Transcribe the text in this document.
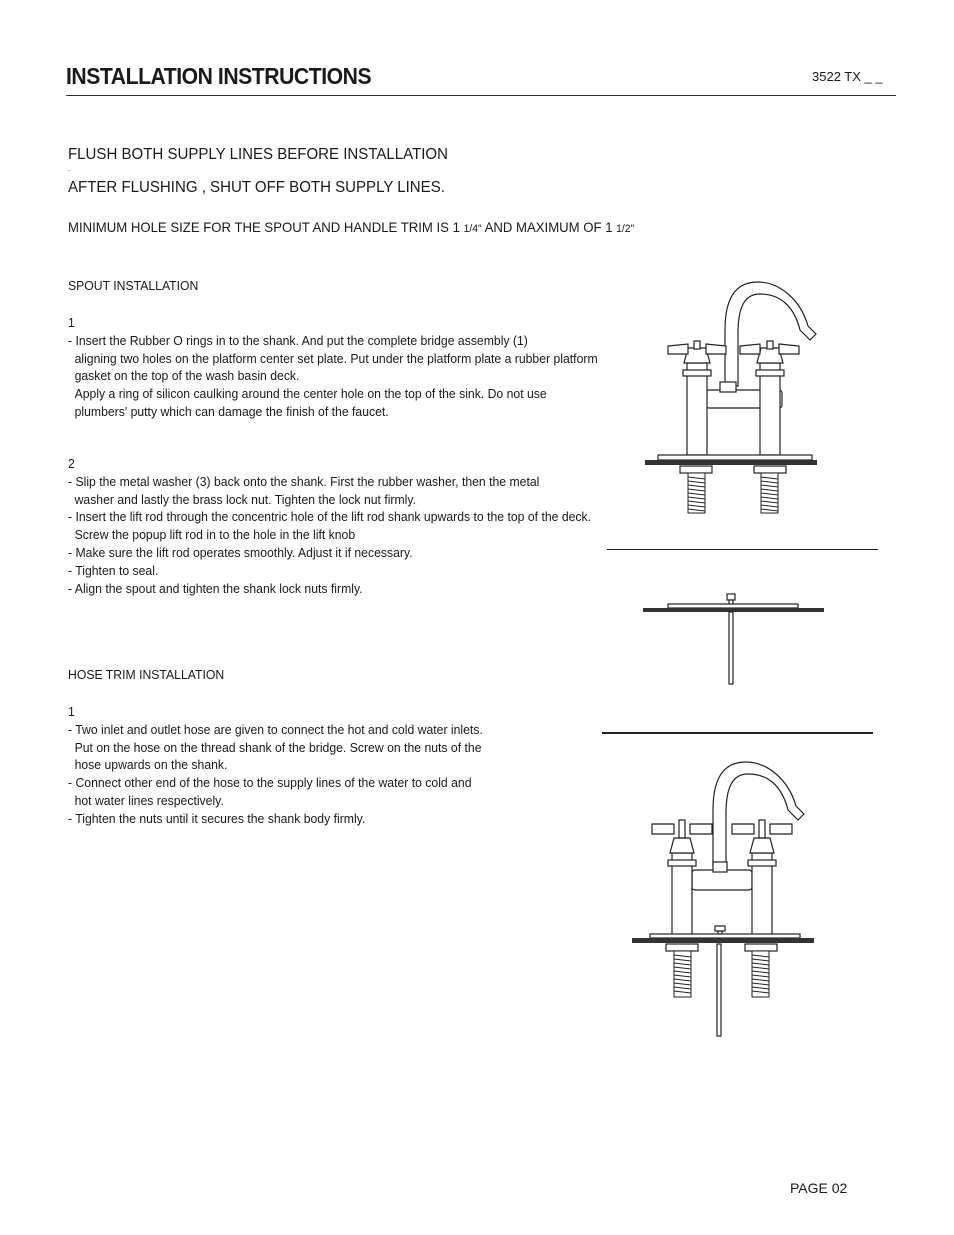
INSTALLATION INSTRUCTIONS	3522 TX _ _
FLUSH BOTH SUPPLY LINES BEFORE INSTALLATION
.
AFTER FLUSHING , SHUT OFF BOTH SUPPLY LINES.
MINIMUM HOLE SIZE FOR THE SPOUT AND HANDLE TRIM IS 1 1/4" AND MAXIMUM OF 1 1/2"
SPOUT INSTALLATION
1
- Insert the Rubber O rings in to the shank. And put the complete bridge assembly (1)
aligning two holes on the platform center set plate. Put under the platform plate a rubber platform
gasket on the top of the wash basin deck.
Apply a ring of silicon caulking around the center hole on the top of the sink. Do not use
plumbers' putty which can damage the finish of the faucet.
2
- Slip the metal washer (3) back onto the shank. First the rubber washer, then the metal
washer and lastly the brass lock nut. Tighten the lock nut firmly.
- Insert the lift rod through the concentric hole of the lift rod shank upwards to the top of the deck.
Screw the popup lift rod in to the hole in the lift knob
- Make sure the lift rod operates smoothly. Adjust it if necessary.
- Tighten to seal.
- Align the spout and tighten the shank lock nuts firmly.
HOSE TRIM INSTALLATION
1
- Two inlet and outlet hose are given to connect the hot and cold water inlets.
Put on the hose on the thread shank of the bridge. Screw on the nuts of the
hose upwards on the shank.
- Connect other end of the hose to the supply lines of the water to cold and
hot water lines respectively.
- Tighten the nuts until it secures the shank body firmly.
PAGE 02
